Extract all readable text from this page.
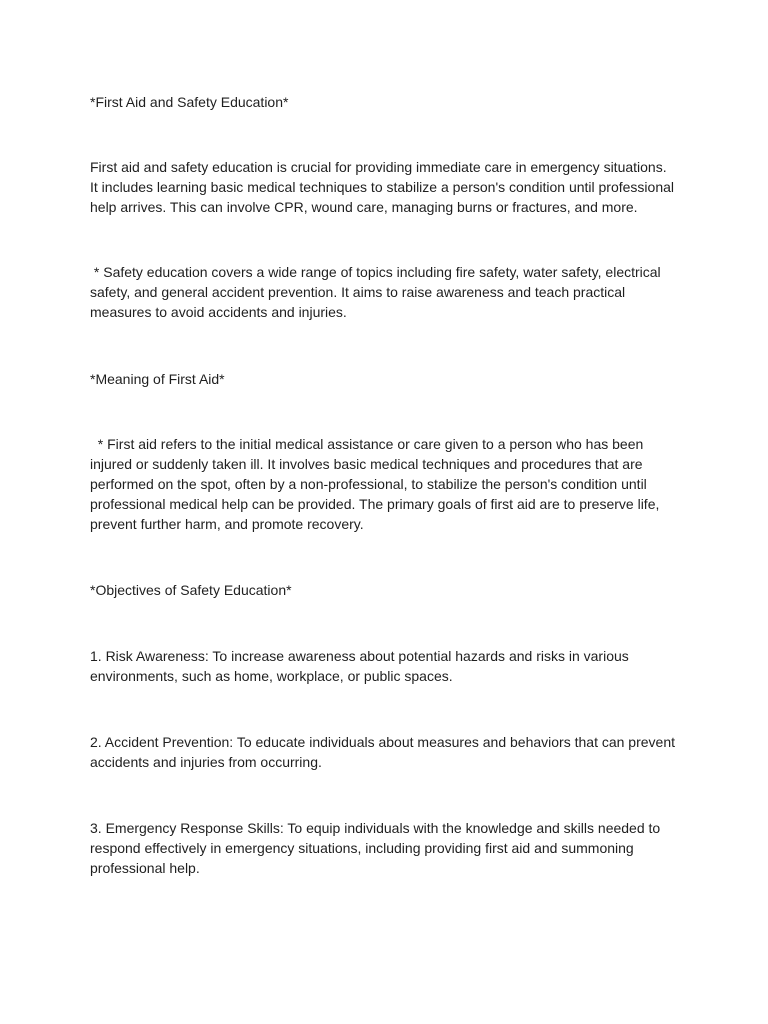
*First Aid and Safety Education*

First aid and safety education is crucial for providing immediate care in emergency situations. It includes learning basic medical techniques to stabilize a person's condition until professional help arrives. This can involve CPR, wound care, managing burns or fractures, and more.

* Safety education covers a wide range of topics including fire safety, water safety, electrical safety, and general accident prevention. It aims to raise awareness and teach practical measures to avoid accidents and injuries.

*Meaning of First Aid*

* First aid refers to the initial medical assistance or care given to a person who has been injured or suddenly taken ill. It involves basic medical techniques and procedures that are performed on the spot, often by a non-professional, to stabilize the person's condition until professional medical help can be provided. The primary goals of first aid are to preserve life, prevent further harm, and promote recovery.

*Objectives of Safety Education*

1. Risk Awareness: To increase awareness about potential hazards and risks in various environments, such as home, workplace, or public spaces.

2. Accident Prevention: To educate individuals about measures and behaviors that can prevent accidents and injuries from occurring.

3. Emergency Response Skills: To equip individuals with the knowledge and skills needed to respond effectively in emergency situations, including providing first aid and summoning professional help.
